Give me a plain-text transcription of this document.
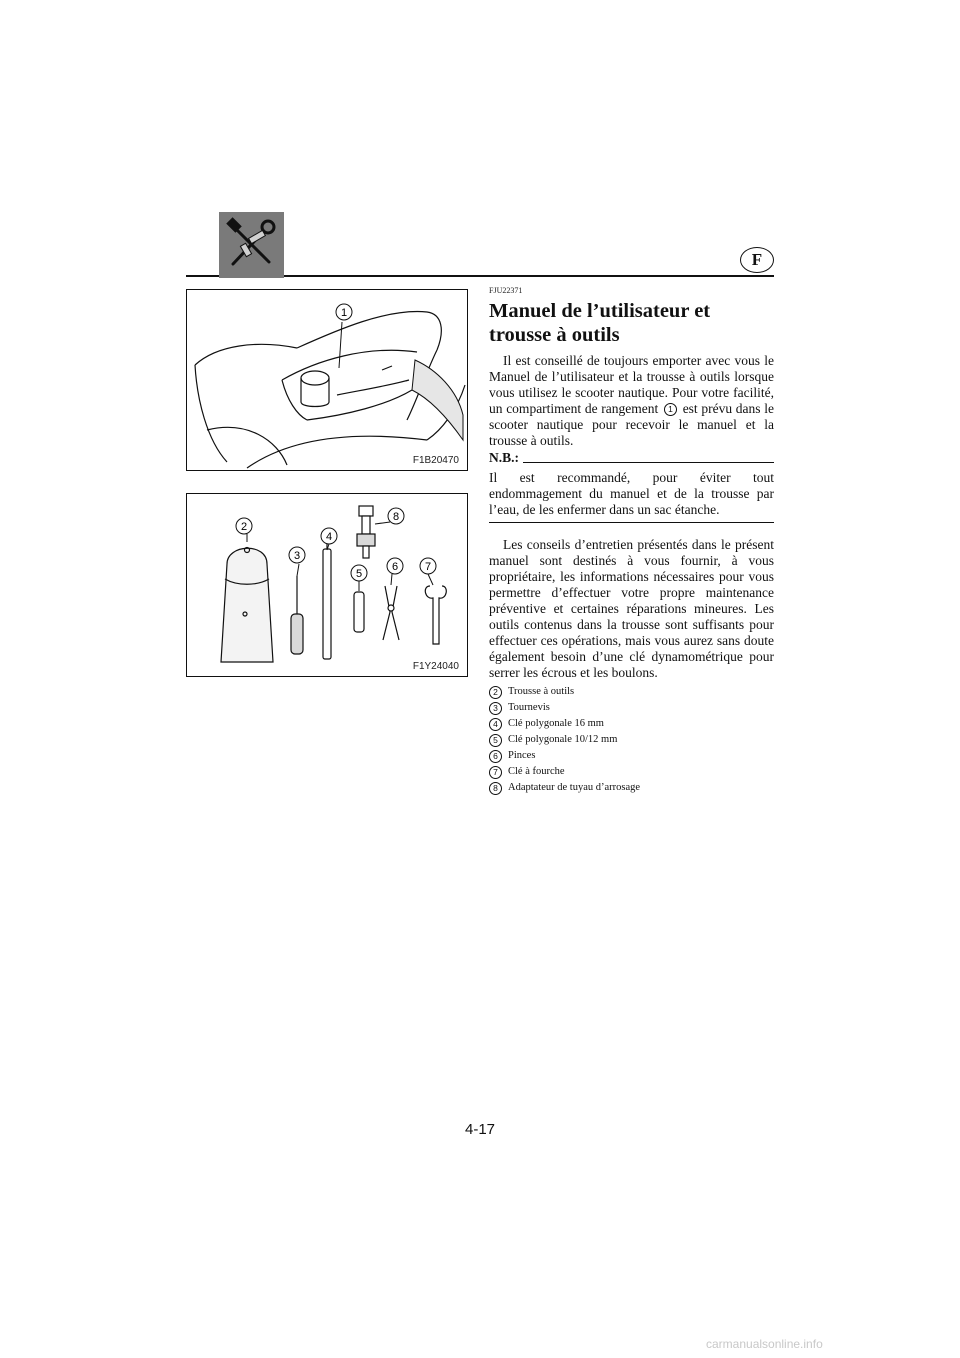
F
1
F1B20470
2
3
4
5
6 7
8
F1Y24040
FJU22371
Manuel de l’utilisateur et trousse à outils

Il est conseillé de toujours emporter avec vous le Manuel de l’utilisateur et la trousse à outils lorsque vous utilisez le scooter nautique. Pour votre facilité, un compartiment de rangement 1 est prévu dans le scooter nautique pour recevoir le manuel et la trousse à outils.

N.B.:

Il est recommandé, pour éviter tout endommagement du manuel et de la trousse par l’eau, de les enfermer dans un sac étanche.

Les conseils d’entretien présentés dans le présent manuel sont destinés à vous fournir, à vous propriétaire, les informations nécessaires pour vous permettre d’effectuer votre propre maintenance préventive et certaines réparations mineures. Les outils contenus dans la trousse sont suffisants pour effectuer ces opérations, mais vous aurez sans doute également besoin d’une clé dynamométrique pour serrer les écrous et les boulons.

2 Trousse à outils
3 Tournevis
4 Clé polygonale 16 mm
5 Clé polygonale 10/12 mm
6 Pinces
7 Clé à fourche
8 Adaptateur de tuyau d’arrosage
4-17
carmanualsonline.info
